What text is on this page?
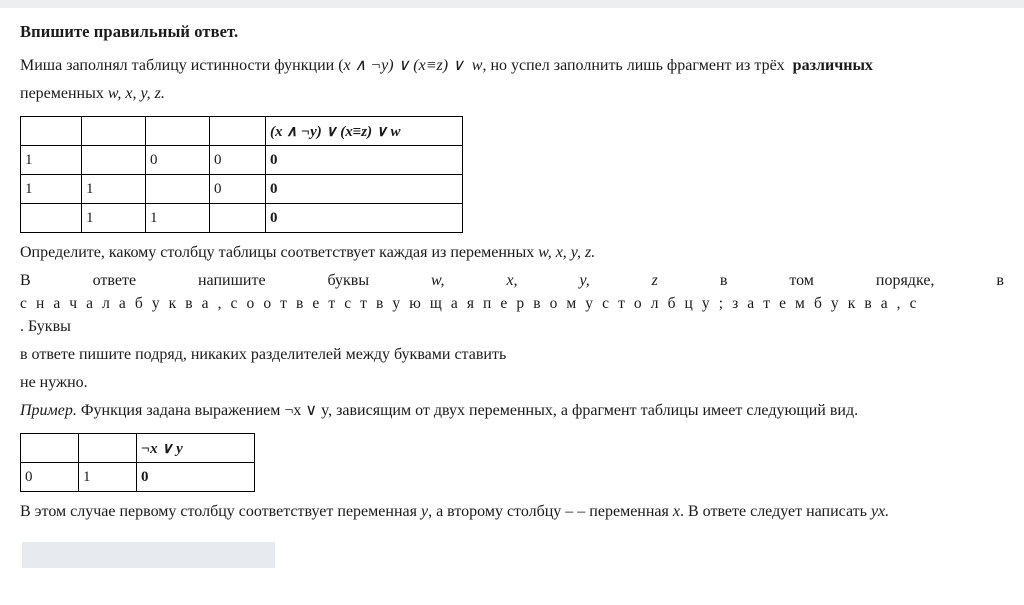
Впишите правильный ответ.
Миша заполнял таблицу истинности функции (x ∧ ¬y) ∨ (x≡z) ∨ w, но успел заполнить лишь фрагмент из трёх различных
переменных w, x, y, z.
				(x ∧ ¬y) ∨ (x≡z) ∨ w
1		0	0	0
1	1		0	0
	1	1		0
Определите, какому столбцу таблицы соответствует каждая из переменных w, x, y, z.
В	ответе	напишите	буквы	w,	x,	y,	z	в	том	порядке,	в
с н а ч а л а б у к в а , с о о т в е т с т в у ю щ а я п е р в о м у с т о л б ц у ; з а т е м б у к в а , с
. Буквы
в ответе пишите подряд, никаких разделителей между буквами ставить
не нужно.
Пример. Функция задана выражением ¬x ∨ y, зависящим от двух переменных, а фрагмент таблицы имеет следующий вид.
		¬x ∨ y
0	1	0
В этом случае первому столбцу соответствует переменная y, а второму столбцу – – переменная x. В ответе следует написать yx.
